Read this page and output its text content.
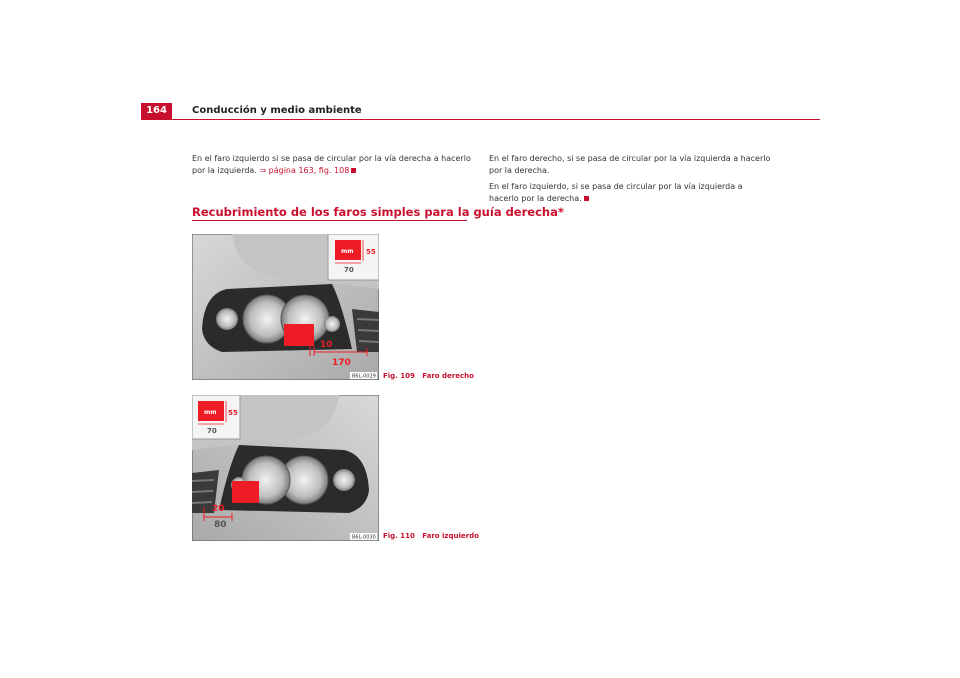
164	Conducción y medio ambiente
En el faro izquierdo si se pasa de circular por la vía derecha a hacerlo por la izquierda. ⇒ página 163, fig. 108
Recubrimiento de los faros simples para la guía derecha*
10
170
mm 55
70
B6L-0029 Fig. 109 Faro derecho
20
80
mm 55
70
B6L-0030 Fig. 110 Faro izquierdo
En el faro derecho, si se pasa de circular por la vía izquierda a hacerlo por la derecha.
En el faro izquierdo, si se pasa de circular por la vía izquierda a hacerlo por la derecha.
